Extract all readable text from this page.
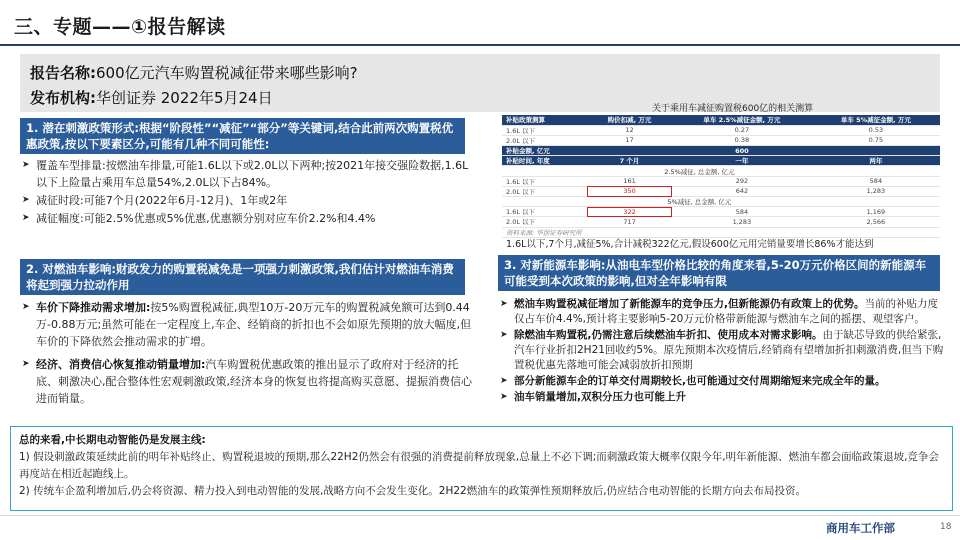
三、专题——①报告解读
报告名称:600亿元汽车购置税减征带来哪些影响?
发布机构:华创证券 2022年5月24日
1. 潜在刺激政策形式:根据“阶段性”“减征”“部分”等关键词,结合此前两次购置税优惠政策,按以下要素区分,可能有几种不同可能性:
➤ 覆盖车型排量:按燃油车排量,可能1.6L以下或2.0L以下两种;按2021年接交强险数据,1.6L以下上险量占乘用车总量54%,2.0L以下占84%。
➤ 减征时段:可能7个月(2022年6月-12月)、1年或2年
➤ 减征幅度:可能2.5%优惠或5%优惠,优惠额分别对应车价2.2%和4.4%
关于乘用车减征购置税600亿的相关测算
补贴政策测算	购价扣减, 万元	单车 2.5%减征金额, 万元	单车 5%减征金额, 万元
1.6L 以下	12	0.27	0.53
2.0L 以下	17	0.38	0.75
补贴金额, 亿元		600	
补贴时间, 年度	7 个月	一年	两年
	2.5%减征, 总金额, 亿元		
1.6L 以下	161	292	584
2.0L 以下	350	642	1,283
	5%减征, 总金额, 亿元		
1.6L 以下	322	584	1,169
2.0L 以下	717	1,283	2,566
资料来源: 华创证券研究所			
1.6L以下,7个月,减征5%,合计减税322亿元,假设600亿元用完销量要增长86%才能达到
2. 对燃油车影响:财政发力的购置税减免是一项强力刺激政策,我们估计对燃油车消费将起到强力拉动作用
➤ 车价下降推动需求增加:按5%购置税减征,典型10万-20万元车的购置税减免额可达到0.44万-0.88万元;虽然可能在一定程度上,车企、经销商的折扣也不会如原先预期的放大幅度,但车价的下降依然会推动需求的扩增。
➤ 经济、消费信心恢复推动销量增加:汽车购置税优惠政策的推出显示了政府对于经济的托底、刺激决心,配合整体性宏观刺激政策,经济本身的恢复也将提高购买意愿、提振消费信心进而销量。
3. 对新能源车影响:从油电车型价格比较的角度来看,5-20万元价格区间的新能源车可能受到本次政策的影响,但对全年影响有限
➤ 燃油车购置税减征增加了新能源车的竞争压力,但新能源仍有政策上的优势。当前的补贴力度仅占车价4.4%,预计将主要影响5-20万元价格带新能源与燃油车之间的摇摆、观望客户。
➤ 除燃油车购置税,仍需注意后续燃油车折扣、使用成本对需求影响。由于缺芯导致的供给紧张,汽车行业折扣2H21回收约5%。原先预期本次疫情后,经销商有望增加折扣刺激消费,但当下购置税优惠先落地可能会减弱放折扣预期
➤ 部分新能源车企的订单交付周期较长,也可能通过交付周期缩短来完成全年的量。
➤ 油车销量增加,双积分压力也可能上升
总的来看,中长期电动智能仍是发展主线:
1) 假设刺激政策延续此前的明年补贴终止、购置税退坡的预期,那么22H2仍然会有很强的消费提前释放现象,总量上不必下调;而刺激政策大概率仅限今年,明年新能源、燃油车都会面临政策退坡,竞争会再度站在相近起跑线上。
2) 传统车企盈利增加后,仍会将资源、精力投入到电动智能的发展,战略方向不会发生变化。2H22燃油车的政策弹性预期释放后,仍应结合电动智能的长期方向去布局投资。
商用车工作部	18
